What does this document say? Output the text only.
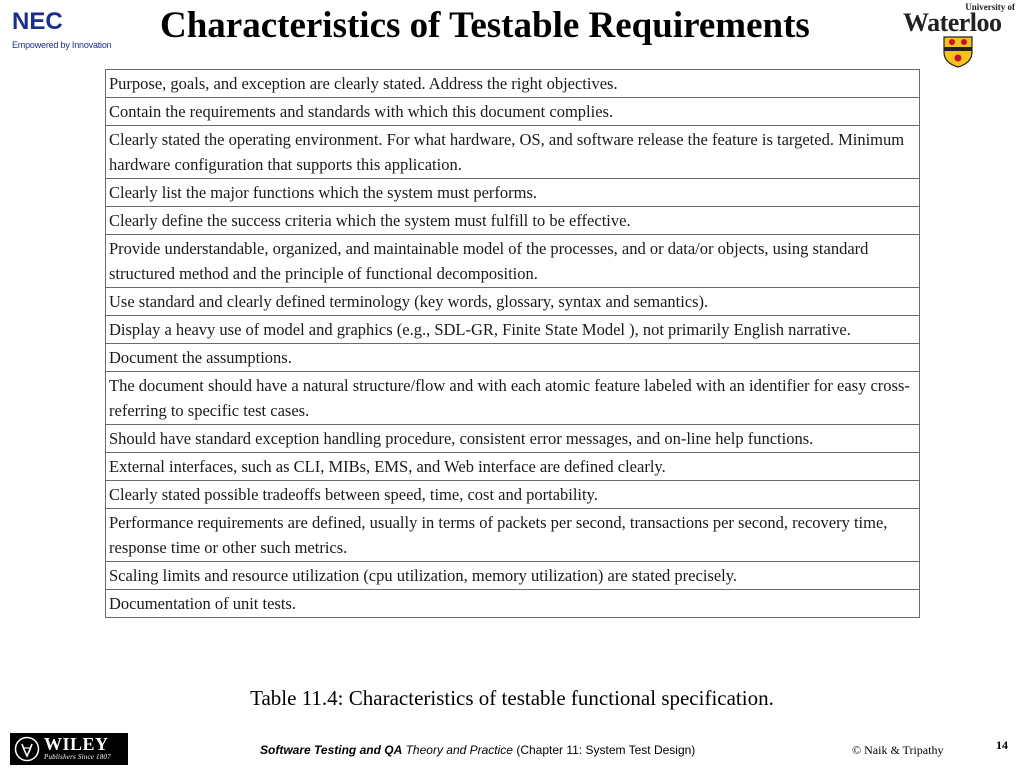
NEC
Empowered by Innovation Characteristics of Testable Requirements	University of
Waterloo
Purpose, goals, and exception are clearly stated. Address the right objectives.
Contain the requirements and standards with which this document complies.
Clearly stated the operating environment. For what hardware, OS, and software release the feature is targeted. Minimum hardware configuration that supports this application.
Clearly list the major functions which the system must performs.
Clearly define the success criteria which the system must fulfill to be effective.
Provide understandable, organized, and maintainable model of the processes, and or data/or objects, using standard structured method and the principle of functional decomposition.
Use standard and clearly defined terminology (key words, glossary, syntax and semantics).
Display a heavy use of model and graphics (e.g., SDL-GR, Finite State Model ), not primarily English narrative.
Document the assumptions.
The document should have a natural structure/flow and with each atomic feature labeled with an identifier for easy cross-referring to specific test cases.
Should have standard exception handling procedure, consistent error messages, and on-line help functions.
External interfaces, such as CLI, MIBs, EMS, and Web interface are defined clearly.
Clearly stated possible tradeoffs between speed, time, cost and portability.
Performance requirements are defined, usually in terms of packets per second, transactions per second, recovery time, response time or other such metrics.
Scaling limits and resource utilization (cpu utilization, memory utilization) are stated precisely.
Documentation of unit tests.
Table 11.4: Characteristics of testable functional specification.
WILEY
Publishers Since 1807	Software Testing and QA Theory and Practice (Chapter 11: System Test Design)	© Naik & Tripathy	14
